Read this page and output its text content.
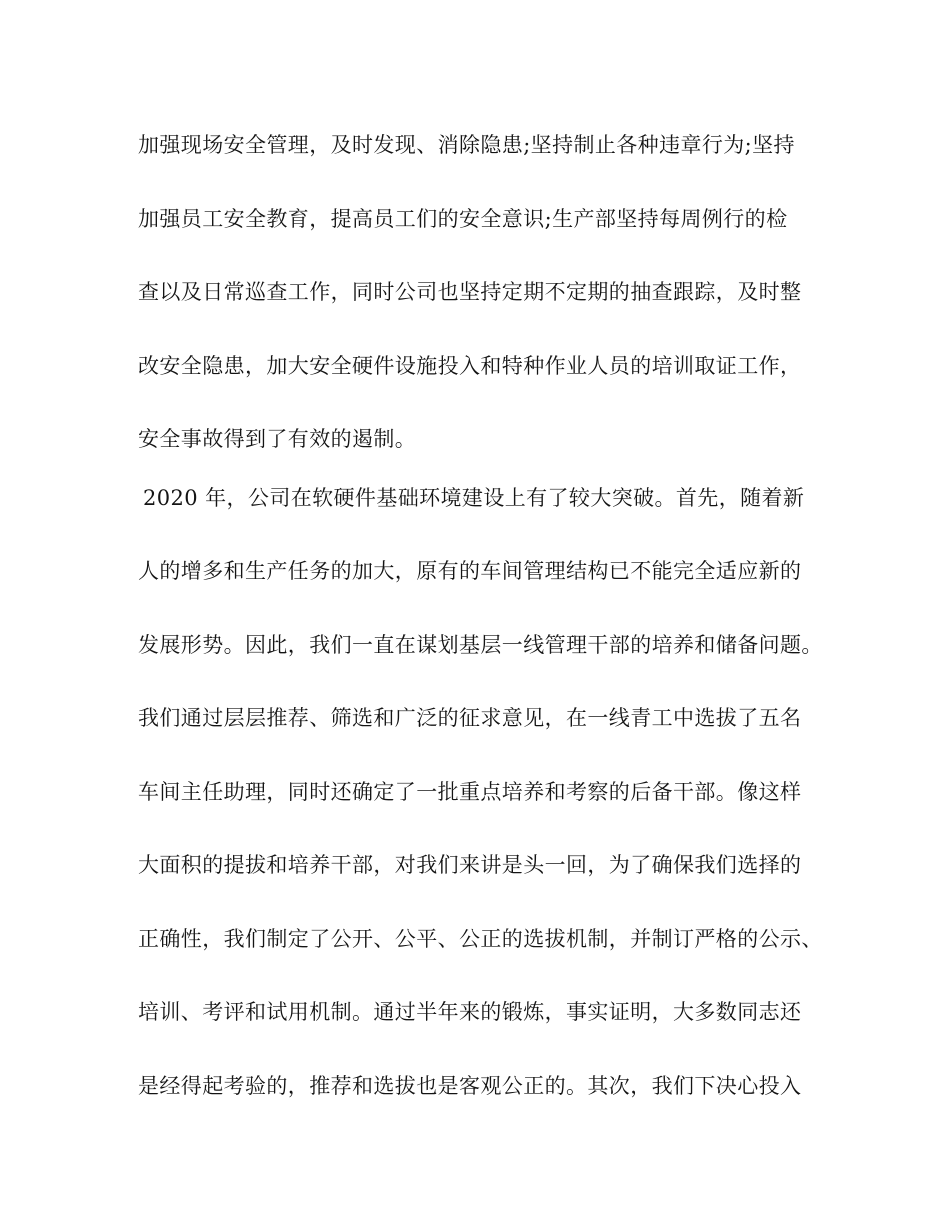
加强现场安全管理，及时发现、消除隐患;坚持制止各种违章行为;坚持
加强员工安全教育，提高员工们的安全意识;生产部坚持每周例行的检
查以及日常巡查工作，同时公司也坚持定期不定期的抽查跟踪，及时整
改安全隐患，加大安全硬件设施投入和特种作业人员的培训取证工作，
安全事故得到了有效的遏制。
2020 年，公司在软硬件基础环境建设上有了较大突破。首先，随着新
人的增多和生产任务的加大，原有的车间管理结构已不能完全适应新的
发展形势。因此，我们一直在谋划基层一线管理干部的培养和储备问题。
我们通过层层推荐、筛选和广泛的征求意见，在一线青工中选拔了五名
车间主任助理，同时还确定了一批重点培养和考察的后备干部。像这样
大面积的提拔和培养干部，对我们来讲是头一回，为了确保我们选择的
正确性，我们制定了公开、公平、公正的选拔机制，并制订严格的公示、
培训、考评和试用机制。通过半年来的锻炼，事实证明，大多数同志还
是经得起考验的，推荐和选拔也是客观公正的。其次，我们下决心投入
